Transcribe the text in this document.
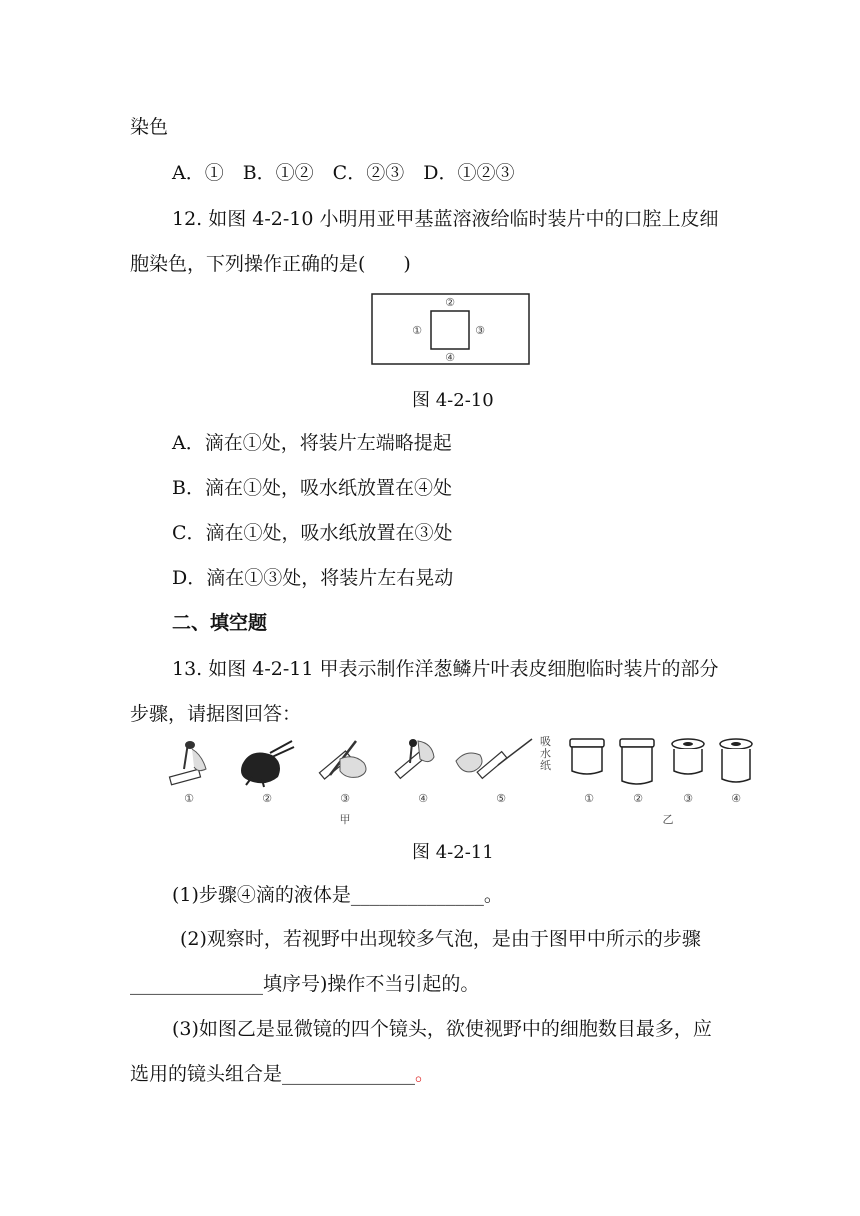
染色
A．①　B．①②　C．②③　D．①②③
12. 如图 4-2-10 小明用亚甲基蓝溶液给临时装片中的口腔上皮细
胞染色，下列操作正确的是(　　)
①
②
③
④
图 4-2-10
A．滴在①处，将装片左端略提起
B．滴在①处，吸水纸放置在④处
C．滴在①处，吸水纸放置在③处
D．滴在①③处，将装片左右晃动
二、填空题
13. 如图 4-2-11 甲表示制作洋葱鳞片叶表皮细胞临时装片的部分
步骤，请据图回答：
吸
水
纸
①	②	③	④	⑤
甲
①	②	③	④
乙
图 4-2-11
(1)步骤④滴的液体是______________。
(2)观察时，若视野中出现较多气泡，是由于图甲中所示的步骤
______________填序号)操作不当引起的。
(3)如图乙是显微镜的四个镜头，欲使视野中的细胞数目最多，应
选用的镜头组合是______________。
